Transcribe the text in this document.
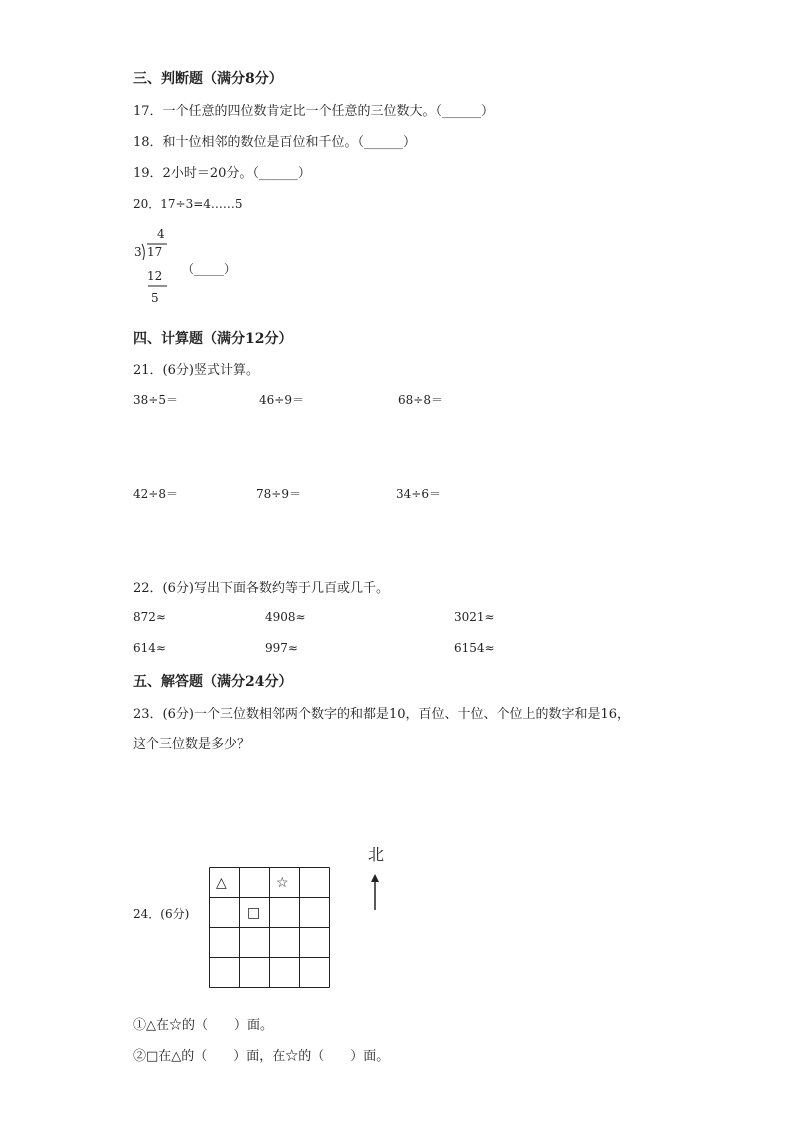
三、判断题（满分8分）
17．一个任意的四位数肯定比一个任意的三位数大。（______）
18．和十位相邻的数位是百位和千位。（______）
19．2小时＝20分。（______）
20．17÷3=4……5
4
3 17
12
5
（_____）
四、计算题（满分12分）
21．(6分)竖式计算。
38÷5＝	46÷9＝	68÷8＝
42÷8＝	78÷9＝	34÷6＝
22．(6分)写出下面各数约等于几百或几千。
872≈	4908≈	3021≈
614≈	997≈	6154≈
五、解答题（满分24分）
23．(6分)一个三位数相邻两个数字的和都是10，百位、十位、个位上的数字和是16，
这个三位数是多少？
24．(6分)
△	☆
□
北
①△在☆的（　　）面。
②□在△的（　　）面，在☆的（　　）面。
